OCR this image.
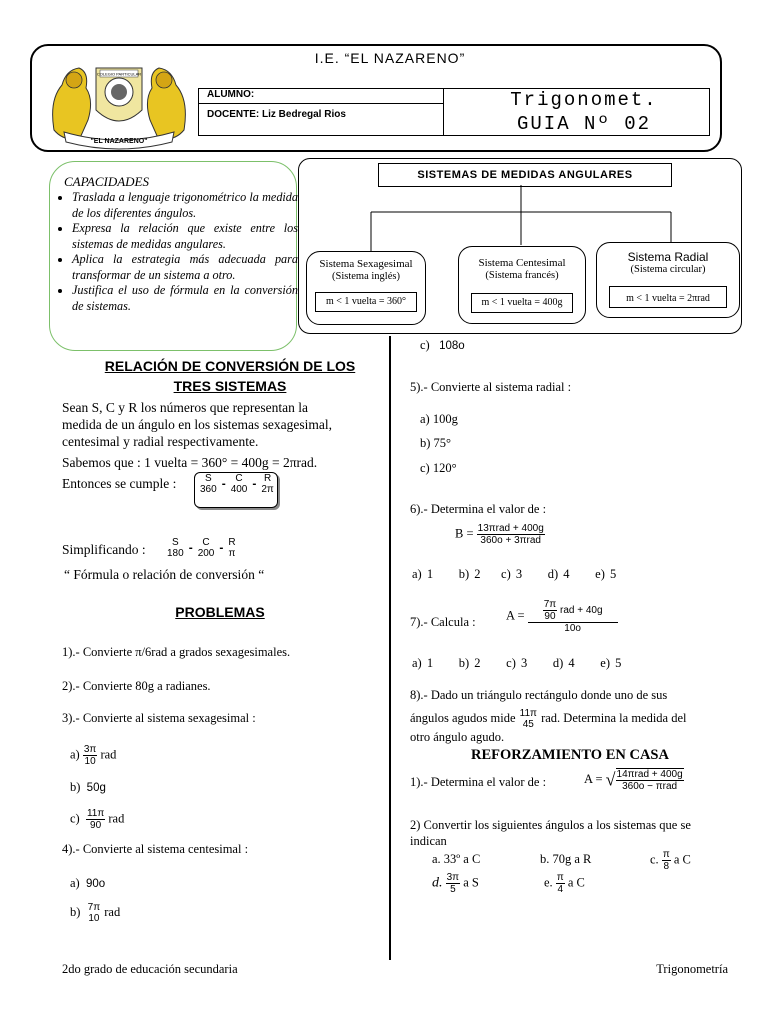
COLEGIO PARTICULAR
"EL NAZARENO"
I.E. “EL NAZARENO”
ALUMNO:
DOCENTE: Liz Bedregal Rios
Trigonomet.
GUIA Nº 02
CAPACIDADES
• Traslada a lenguaje trigonométrico la medida de los diferentes ángulos.
• Expresa la relación que existe entre los sistemas de medidas angulares.
• Aplica la estrategia más adecuada para transformar de un sistema a otro.
• Justifica el uso de fórmula en la conversión de sistemas.
SISTEMAS DE MEDIDAS ANGULARES
Sistema Sexagesimal
(Sistema inglés)
m < 1 vuelta = 360°
Sistema Centesimal
(Sistema francés)
m < 1 vuelta = 400g
Sistema Radial
(Sistema circular)
m < 1 vuelta = 2πrad
RELACIÓN DE CONVERSIÓN DE LOS
TRES SISTEMAS
Sean S, C y R los números que representan la
medida de un ángulo en los sistemas sexagesimal,
centesimal y radial respectivamente.
Sabemos que : 1 vuelta = 360° = 400g = 2πrad.
Entonces se cumple :	S
360 - C
400 - R
2π
Simplificando :	S
180 - C
200 - R
π
“ Fórmula o relación de conversión “
PROBLEMAS
1).- Convierte π/6rad a grados sexagesimales.
2).- Convierte 80g a radianes.
3).- Convierte al sistema sexagesimal :
$a) \frac{3\pi}{10}$ rad
b) 50g
$c) \frac{11\pi}{90}$ rad
4).- Convierte al sistema centesimal :
a) 90o
b) 7π
10 rad
c) 108o
5).- Convierte al sistema radial :
a) 100g
b) 75°
c) 120°
6).- Determina el valor de :
$B = \frac{\text{13πrad + 400g}}{\text{360o + 3πrad}}$
a) 1 b) 2 c) 3 d) 4 e) 5
7).- Calcula : $A = \frac{\frac{7\pi}{90} rad + 40g}{10o}$
a) 1 b) 2 c) 3 d) 4 e) 5
8).- Dado un triángulo rectángulo donde uno de sus
ángulos agudos mide 11π
45 rad. Determina la medida del
otro ángulo agudo.
REFORZAMIENTO EN CASA
1).- Determina el valor de :	A = √ $\frac{\text{14πrad + 400g}}{\text{360o − πrad}}$
2) Convertir los siguientes ángulos a los sistemas que se
indican
a. 33º a C	b. 70g a R	c. $\frac{\pi}{8}$ a C
d. $\frac{3\pi}{5}$ a S	e. $\frac{\pi}{4}$ a C
2do grado de educación secundaria	Trigonometría
